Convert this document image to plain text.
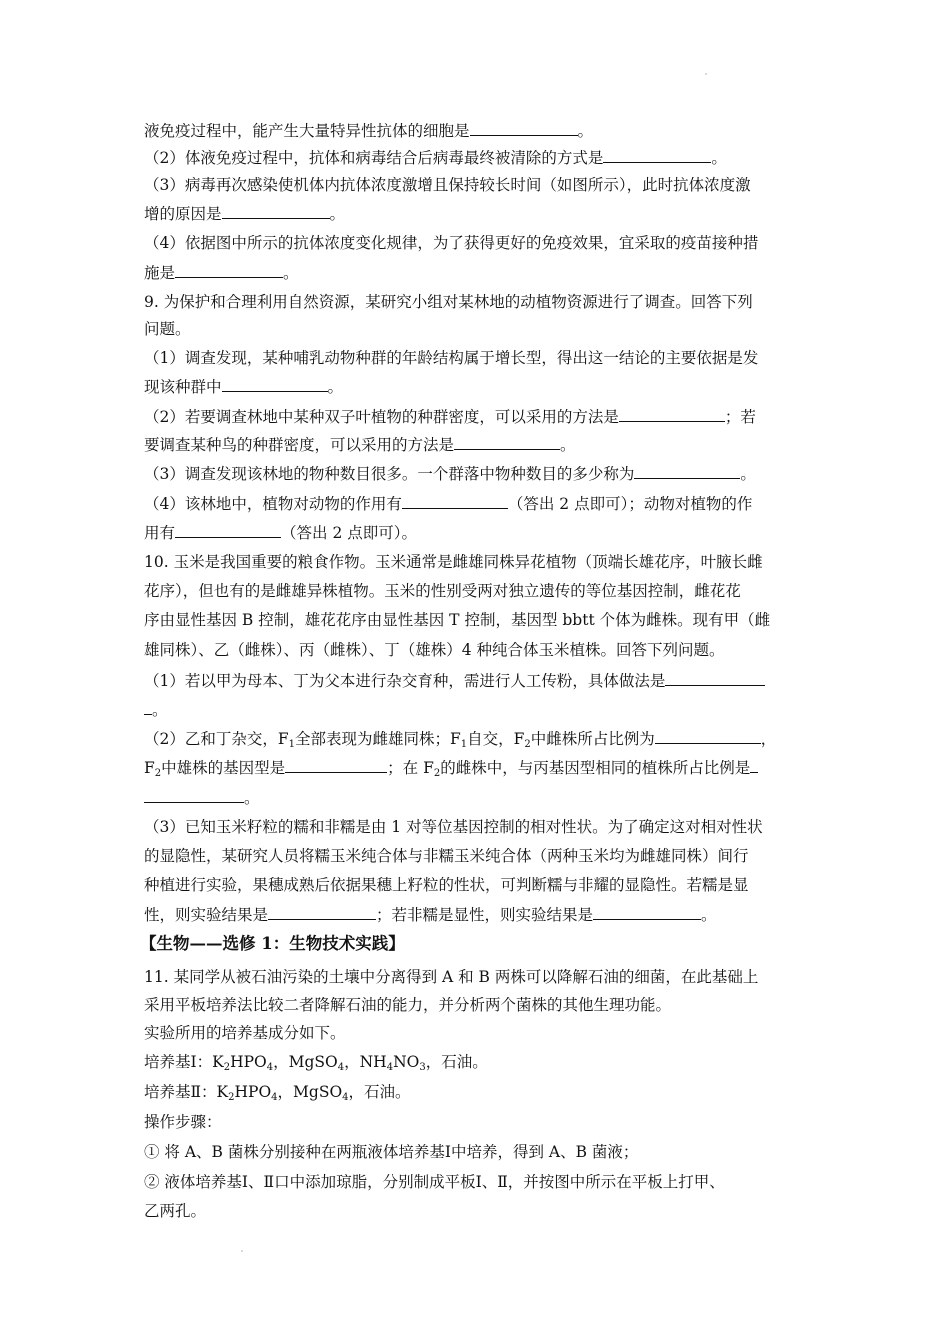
液免疫过程中，能产生大量特异性抗体的细胞是	。
（2）体液免疫过程中，抗体和病毒结合后病毒最终被清除的方式是	。
（3）病毒再次感染使机体内抗体浓度激增且保持较长时间（如图所示），此时抗体浓度激
增的原因是	。
（4）依据图中所示的抗体浓度变化规律，为了获得更好的免疫效果，宜采取的疫苗接种措
施是	。
9. 为保护和合理利用自然资源，某研究小组对某林地的动植物资源进行了调查。回答下列
问题。
（1）调查发现，某种哺乳动物种群的年龄结构属于增长型，得出这一结论的主要依据是发
现该种群中	。
（2）若要调查林地中某种双子叶植物的种群密度，可以采用的方法是	；若
要调查某种鸟的种群密度，可以采用的方法是	。
（3）调查发现该林地的物种数目很多。一个群落中物种数目的多少称为	。
（4）该林地中，植物对动物的作用有	（答出 2 点即可）；动物对植物的作
用有	（答出 2 点即可）。
10. 玉米是我国重要的粮食作物。玉米通常是雌雄同株异花植物（顶端长雄花序，叶腋长雌
花序），但也有的是雌雄异株植物。玉米的性别受两对独立遗传的等位基因控制，雌花花
序由显性基因 B 控制，雄花花序由显性基因 T 控制，基因型 bbtt 个体为雌株。现有甲（雌
雄同株）、乙（雌株）、丙（雌株）、丁（雄株）4 种纯合体玉米植株。回答下列问题。
（1）若以甲为母本、丁为父本进行杂交育种，需进行人工传粉，具体做法是
。
（2）乙和丁杂交，$F_1$全部表现为雌雄同株；$F_1$自交，$F_2$中雌株所占比例为	，
$F_2$中雄株的基因型是	；在 $F_2$的雌株中，与丙基因型相同的植株所占比例是
。
（3）已知玉米籽粒的糯和非糯是由 1 对等位基因控制的相对性状。为了确定这对相对性状
的显隐性，某研究人员将糯玉米纯合体与非糯玉米纯合体（两种玉米均为雌雄同株）间行
种植进行实验，果穗成熟后依据果穗上籽粒的性状，可判断糯与非耀的显隐性。若糯是显
性，则实验结果是	；若非糯是显性，则实验结果是	。
【生物——选修 1：生物技术实践】
11. 某同学从被石油污染的土壤中分离得到 A 和 B 两株可以降解石油的细菌，在此基础上
采用平板培养法比较二者降解石油的能力，并分析两个菌株的其他生理功能。
实验所用的培养基成分如下。
培养基Ⅰ：$K_2HPO_4$，MgSO$_4$，$NH_4NO_3$，石油。
培养基Ⅱ：$K_2HPO_4$，MgSO$_4$，石油。
操作步骤：
① 将 A、B 菌株分别接种在两瓶液体培养基Ⅰ中培养，得到 A、B 菌液；
② 液体培养基Ⅰ、Ⅱ口中添加琼脂，分别制成平板Ⅰ、Ⅱ，并按图中所示在平板上打甲、
乙两孔。
